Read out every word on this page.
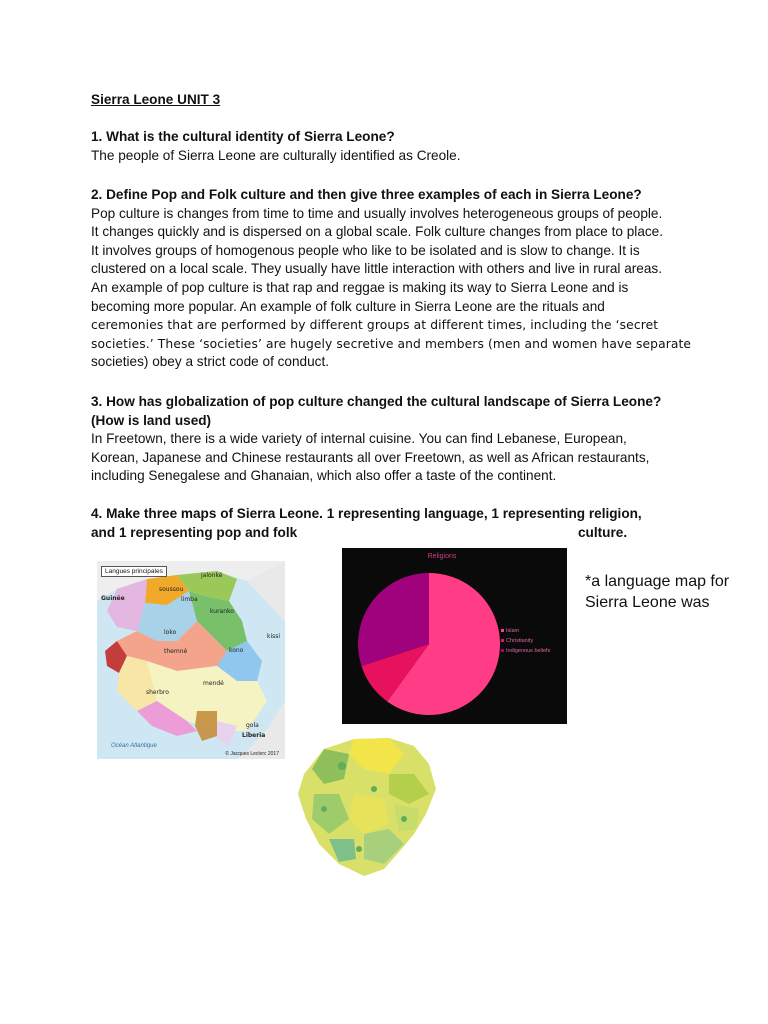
Sierra Leone UNIT 3

1. What is the cultural identity of Sierra Leone?

The people of Sierra Leone are culturally identified as Creole.

2. Define Pop and Folk culture and then give three examples of each in Sierra Leone?

Pop culture is changes from time to time and usually involves heterogeneous groups of people.
It changes quickly and is dispersed on a global scale. Folk culture changes from place to place.
It involves groups of homogenous people who like to be isolated and is slow to change. It is
clustered on a local scale. They usually have little interaction with others and live in rural areas.
An example of pop culture is that rap and reggae is making its way to Sierra Leone and is
becoming more popular. An example of folk culture in Sierra Leone are the rituals and
ceremonies that are performed by different groups at different times, including the ‘secret
societies.’ These ‘societies’ are hugely secretive and members (men and women have separate
societies) obey a strict code of conduct.

3. How has globalization of pop culture changed the cultural landscape of Sierra Leone?
(How is land used)

In Freetown, there is a wide variety of internal cuisine. You can find Lebanese, European,
Korean, Japanese and Chinese restaurants all over Freetown, as well as African restaurants,
including Senegalese and Ghanaian, which also offer a taste of the continent.

4. Make three maps of Sierra Leone. 1 representing language, 1 representing religion,
and 1 representing pop and folk	culture.

Langues principales
soussou
jalonké
Guinée	limba
kuranko
loko
themné	kono
kissi
sherbro
mendé
gola
Liberia
Océan Atlantique
© Jacques Leclerc 2017
Religions
Islam
Christianity
Indigenous beliefs
*a language map for
Sierra Leone was
